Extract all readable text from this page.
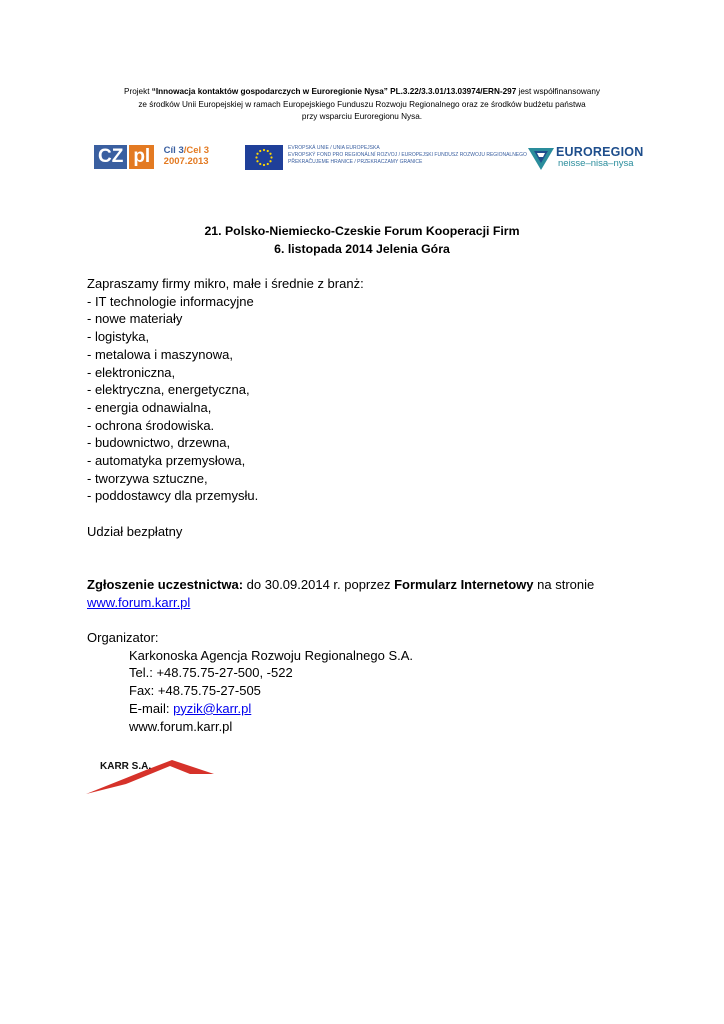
Projekt “Innowacja kontaktów gospodarczych w Euroregionie Nysa” PL.3.22/3.3.01/13.03974/ERN-297 jest współfinansowany
ze środków Unii Europejskiej w ramach Europejskiego Funduszu Rozwoju Regionalnego oraz ze środków budżetu państwa
przy wsparciu Euroregionu Nysa.
CZ pl Cíl 3/Cel 3
2007.2013
EVROPSKÁ UNIE / UNIA EUROPEJSKA
EVROPSKÝ FOND PRO REGIONÁLNÍ ROZVOJ / EUROPEJSKI FUNDUSZ ROZWOJU REGIONALNEGO
PŘEKRAČUJEME HRANICE / PRZEKRACZAMY GRANICE
EUROREGION
neisse–nisa–nysa
21. Polsko-Niemiecko-Czeskie Forum Kooperacji Firm
6. listopada 2014 Jelenia Góra
Zapraszamy firmy mikro, małe i średnie z branż:
- IT technologie informacyjne
- nowe materiały
- logistyka,
- metalowa i maszynowa,
- elektroniczna,
- elektryczna, energetyczna,
- energia odnawialna,
- ochrona środowiska.
- budownictwo, drzewna,
- automatyka przemysłowa,
- tworzywa sztuczne,
- poddostawcy dla przemysłu.
Udział bezpłatny
Zgłoszenie uczestnictwa: do 30.09.2014 r. poprzez Formularz Internetowy na stronie
www.forum.karr.pl
Organizator:
Karkonoska Agencja Rozwoju Regionalnego S.A.
Tel.: +48.75.75-27-500, -522
Fax: +48.75.75-27-505
E-mail: pyzik@karr.pl
www.forum.karr.pl
KARR S.A.
